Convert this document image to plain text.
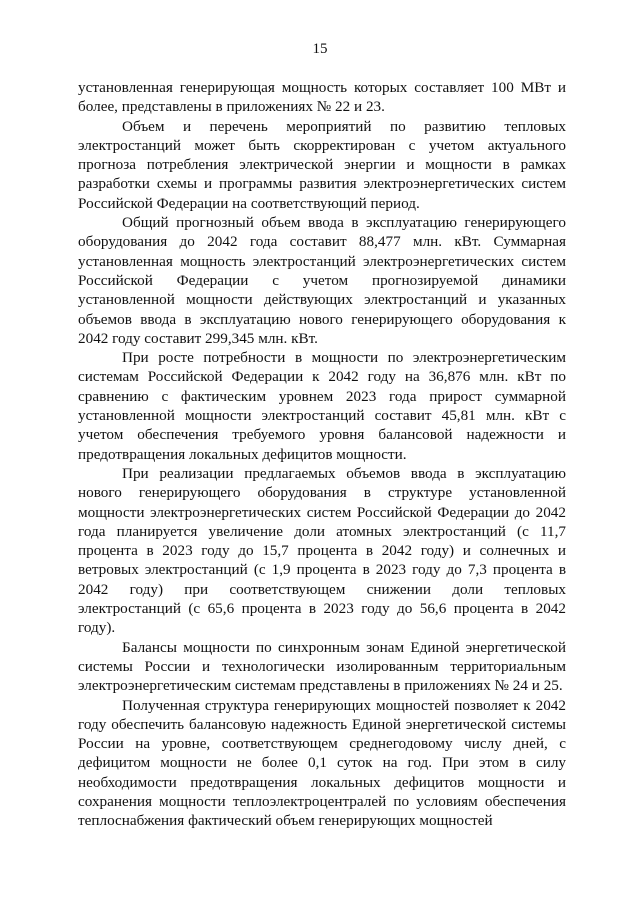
15

установленная генерирующая мощность которых составляет 100 МВт и более, представлены в приложениях № 22 и 23.

Объем и перечень мероприятий по развитию тепловых электростанций может быть скорректирован с учетом актуального прогноза потребления электрической энергии и мощности в рамках разработки схемы и программы развития электроэнергетических систем Российской Федерации на соответствующий период.

Общий прогнозный объем ввода в эксплуатацию генерирующего оборудования до 2042 года составит 88,477 млн. кВт. Суммарная установленная мощность электростанций электроэнергетических систем Российской Федерации с учетом прогнозируемой динамики установленной мощности действующих электростанций и указанных объемов ввода в эксплуатацию нового генерирующего оборудования к 2042 году составит 299,345 млн. кВт.

При росте потребности в мощности по электроэнергетическим системам Российской Федерации к 2042 году на 36,876 млн. кВт по сравнению с фактическим уровнем 2023 года прирост суммарной установленной мощности электростанций составит 45,81 млн. кВт с учетом обеспечения требуемого уровня балансовой надежности и предотвращения локальных дефицитов мощности.

При реализации предлагаемых объемов ввода в эксплуатацию нового генерирующего оборудования в структуре установленной мощности электроэнергетических систем Российской Федерации до 2042 года планируется увеличение доли атомных электростанций (с 11,7 процента в 2023 году до 15,7 процента в 2042 году) и солнечных и ветровых электростанций (с 1,9 процента в 2023 году до 7,3 процента в 2042 году) при соответствующем снижении доли тепловых электростанций (с 65,6 процента в 2023 году до 56,6 процента в 2042 году).

Балансы мощности по синхронным зонам Единой энергетической системы России и технологически изолированным территориальным электроэнергетическим системам представлены в приложениях № 24 и 25.

Полученная структура генерирующих мощностей позволяет к 2042 году обеспечить балансовую надежность Единой энергетической системы России на уровне, соответствующем среднегодовому числу дней, с дефицитом мощности не более 0,1 суток на год. При этом в силу необходимости предотвращения локальных дефицитов мощности и сохранения мощности теплоэлектроцентралей по условиям обеспечения теплоснабжения фактический объем генерирующих мощностей
